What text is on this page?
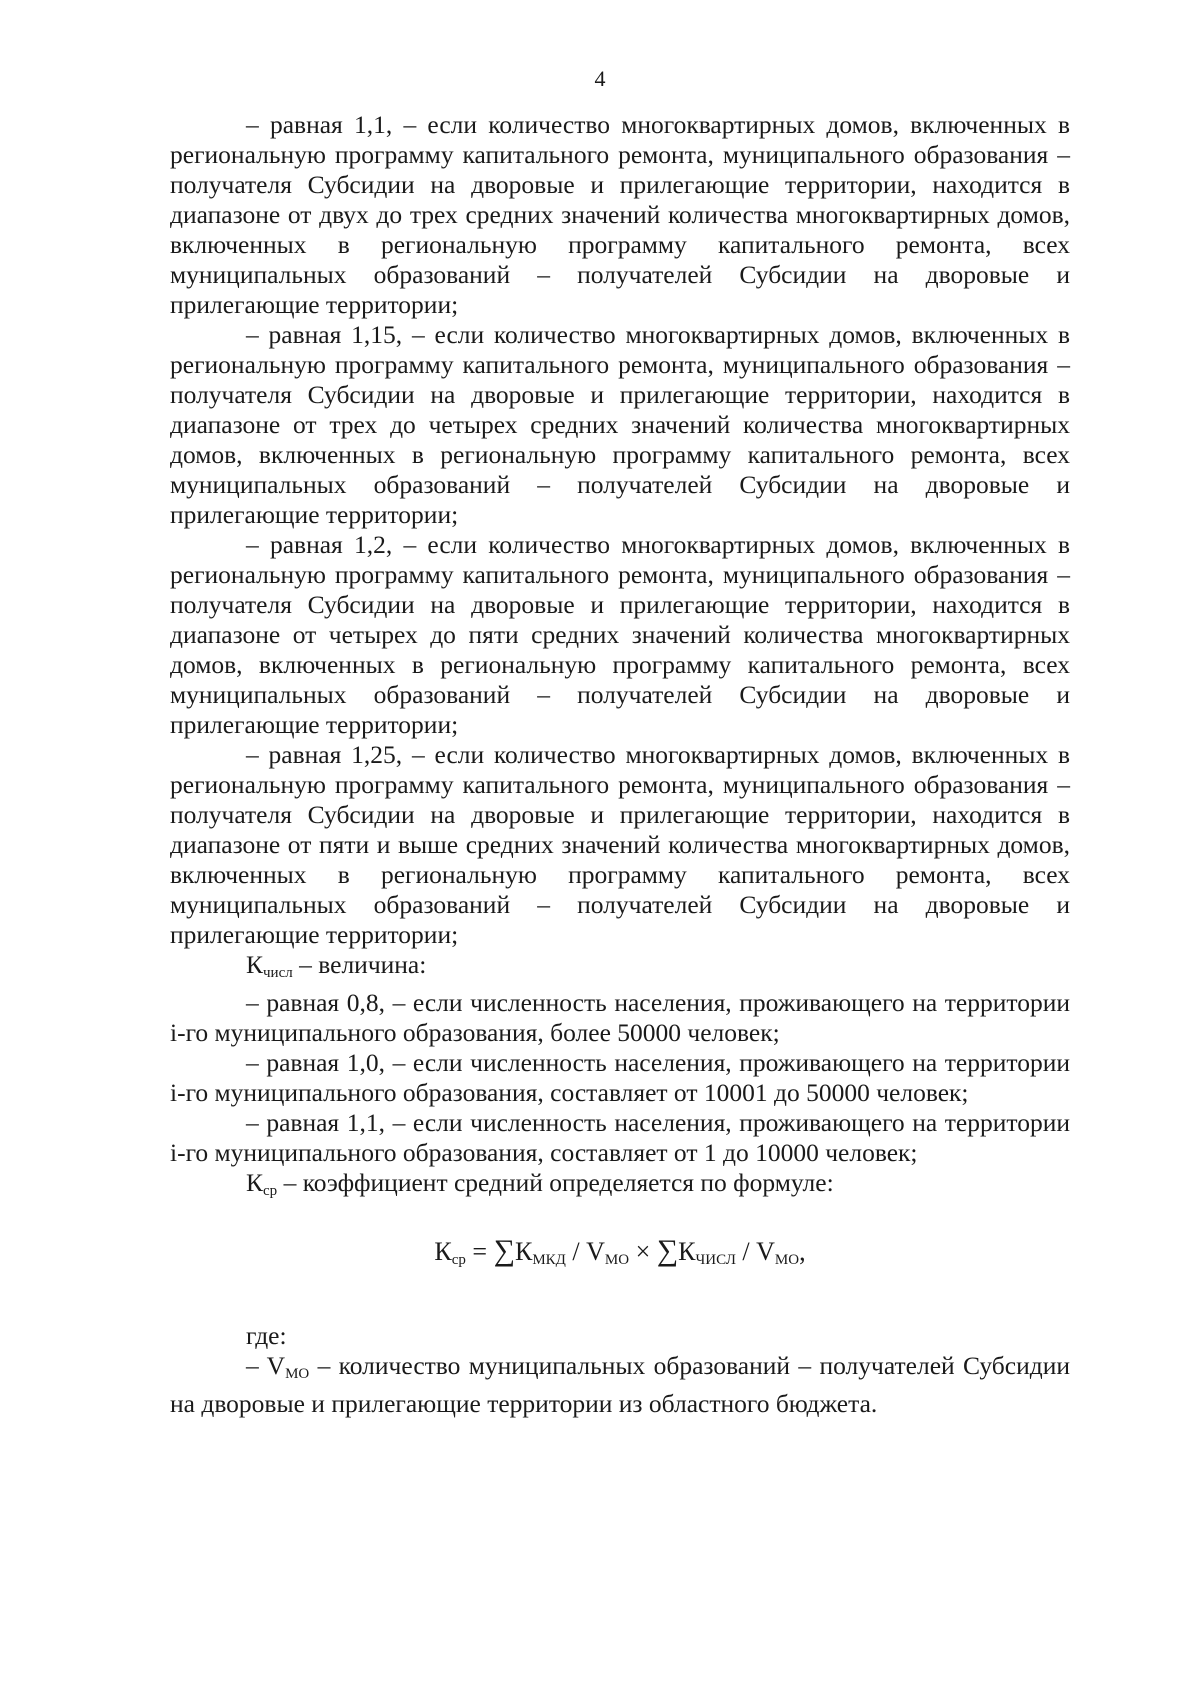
4

– равная 1,1, – если количество многоквартирных домов, включенных в региональную программу капитального ремонта, муниципального образования – получателя Субсидии на дворовые и прилегающие территории, находится в диапазоне от двух до трех средних значений количества многоквартирных домов, включенных в региональную программу капитального ремонта, всех муниципальных образований – получателей Субсидии на дворовые и прилегающие территории;

– равная 1,15, – если количество многоквартирных домов, включенных в региональную программу капитального ремонта, муниципального образования – получателя Субсидии на дворовые и прилегающие территории, находится в диапазоне от трех до четырех средних значений количества многоквартирных домов, включенных в региональную программу капитального ремонта, всех муниципальных образований – получателей Субсидии на дворовые и прилегающие территории;

– равная 1,2, – если количество многоквартирных домов, включенных в региональную программу капитального ремонта, муниципального образования – получателя Субсидии на дворовые и прилегающие территории, находится в диапазоне от четырех до пяти средних значений количества многоквартирных домов, включенных в региональную программу капитального ремонта, всех муниципальных образований – получателей Субсидии на дворовые и прилегающие территории;

– равная 1,25, – если количество многоквартирных домов, включенных в региональную программу капитального ремонта, муниципального образования – получателя Субсидии на дворовые и прилегающие территории, находится в диапазоне от пяти и выше средних значений количества многоквартирных домов, включенных в региональную программу капитального ремонта, всех муниципальных образований – получателей Субсидии на дворовые и прилегающие территории;

$К_{числ}$ – величина:

– равная 0,8, – если численность населения, проживающего на территории i-го муниципального образования, более 50000 человек;

– равная 1,0, – если численность населения, проживающего на территории i-го муниципального образования, составляет от 10001 до 50000 человек;

– равная 1,1, – если численность населения, проживающего на территории i-го муниципального образования, составляет от 1 до 10000 человек;

$К_{ср}$ – коэффициент средний определяется по формуле:

$К_{ср} = \sum К_{МКД} / V_{МО} \times \sum К_{ЧИСЛ} / V_{МО}$,

где:

– $V_{МО}$ – количество муниципальных образований – получателей Субсидии на дворовые и прилегающие территории из областного бюджета.
